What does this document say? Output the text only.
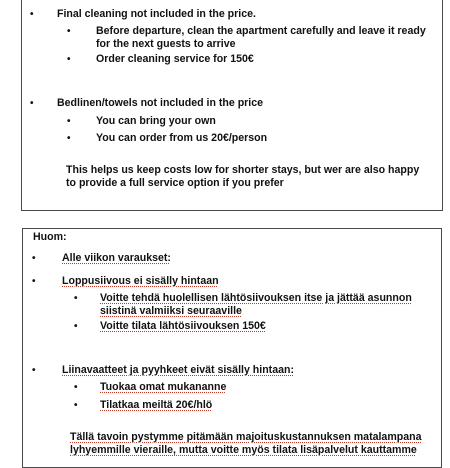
• Final cleaning not included in the price.

• Before departure, clean the apartment carefully and leave it ready for the next guests to arrive

• Order cleaning service for 150€

• Bedlinen/towels not included in the price

• You can bring your own

• You can order from us 20€/person

This helps us keep costs low for shorter stays, but wer are also happy to provide a full service option if you prefer

Huom:

• Alle viikon varaukset:

• Loppusiivous ei sisälly hintaan

• Voitte tehdä huolellisen lähtösiivouksen itse ja jättää asunnon siistinä valmiiksi seuraaville

• Voitte tilata lähtösiivouksen 150€

• Liinavaatteet ja pyyhkeet eivät sisälly hintaan:

• Tuokaa omat mukananne

• Tilatkaa meiltä 20€/hlö

Tällä tavoin pystymme pitämään majoituskustannuksen matalampana

lyhyemmille vieraille, mutta voitte myös tilata lisäpalvelut kauttamme
